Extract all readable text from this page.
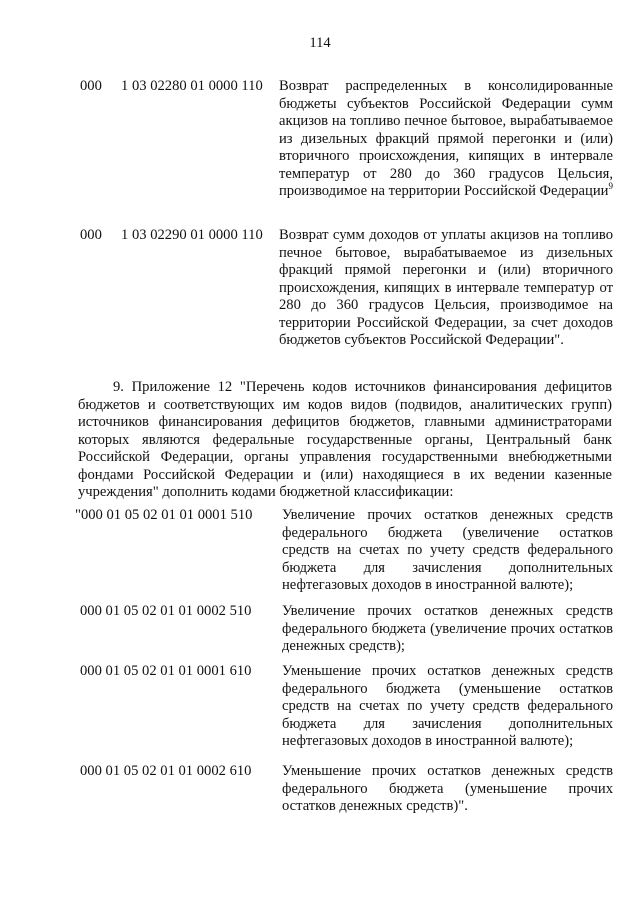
114
000 1 03 02280 01 0000 110 Возврат распределенных в консолидированные бюджеты субъектов Российской Федерации сумм акцизов на топливо печное бытовое, вырабатываемое из дизельных фракций прямой перегонки и (или) вторичного происхождения, кипящих в интервале температур от 280 до 360 градусов Цельсия, производимое на территории Российской Федерации$^9$
000 1 03 02290 01 0000 110 Возврат сумм доходов от уплаты акцизов на топливо печное бытовое, вырабатываемое из дизельных фракций прямой перегонки и (или) вторичного происхождения, кипящих в интервале температур от 280 до 360 градусов Цельсия, производимое на территории Российской Федерации, за счет доходов бюджетов субъектов Российской Федерации".
9. Приложение 12 "Перечень кодов источников финансирования дефицитов бюджетов и соответствующих им кодов видов (подвидов, аналитических групп) источников финансирования дефицитов бюджетов, главными администраторами которых являются федеральные государственные органы, Центральный банк Российской Федерации, органы управления государственными внебюджетными фондами Российской Федерации и (или) находящиеся в их ведении казенные учреждения" дополнить кодами бюджетной классификации:
"000 01 05 02 01 01 0001 510 Увеличение прочих остатков денежных средств федерального бюджета (увеличение остатков средств на счетах по учету средств федерального бюджета для зачисления дополнительных нефтегазовых доходов в иностранной валюте);
000 01 05 02 01 01 0002 510 Увеличение прочих остатков денежных средств федерального бюджета (увеличение прочих остатков денежных средств);
000 01 05 02 01 01 0001 610 Уменьшение прочих остатков денежных средств федерального бюджета (уменьшение остатков средств на счетах по учету средств федерального бюджета для зачисления дополнительных нефтегазовых доходов в иностранной валюте);
000 01 05 02 01 01 0002 610 Уменьшение прочих остатков денежных средств федерального бюджета (уменьшение прочих остатков денежных средств)".
